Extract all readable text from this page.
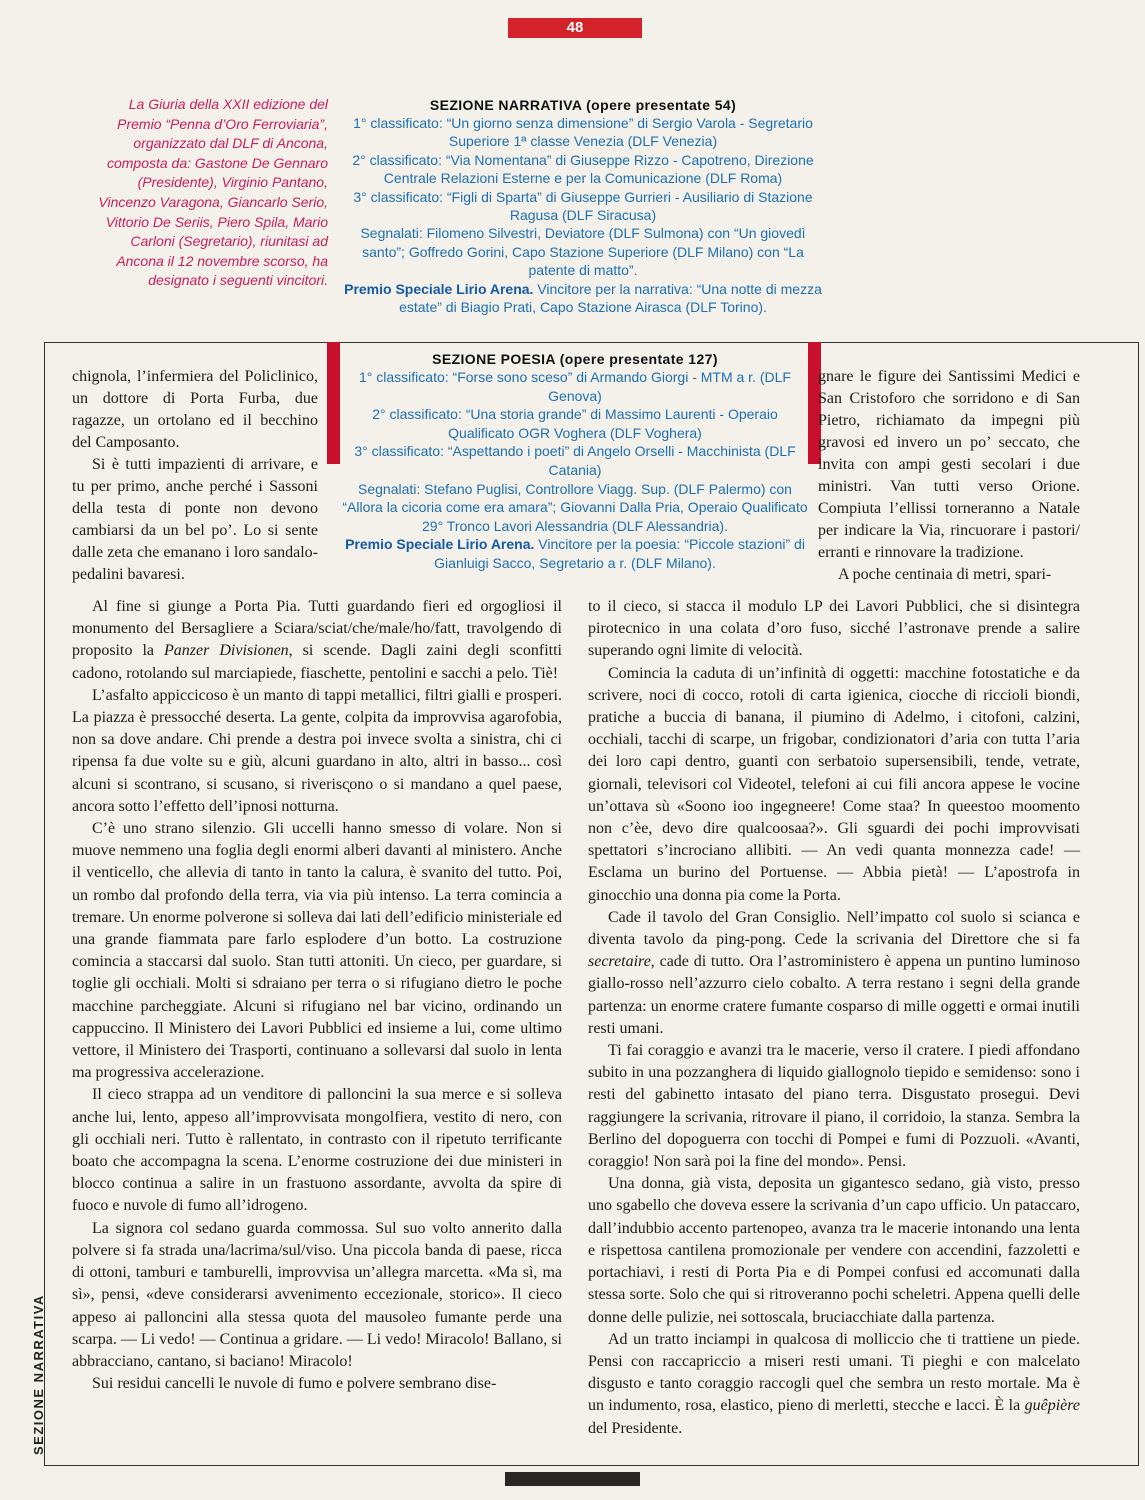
48
La Giuria della XXII edizione del Premio “Penna d’Oro Ferroviaria”, organizzato dal DLF di Ancona, composta da: Gastone De Gennaro (Presidente), Virginio Pantano, Vincenzo Varagona, Giancarlo Serio, Vittorio De Seriis, Piero Spila, Mario Carloni (Segretario), riunitasi ad Ancona il 12 novembre scorso, ha designato i seguenti vincitori.
SEZIONE NARRATIVA (opere presentate 54)
1° classificato: “Un giorno senza dimensione” di Sergio Varola - Segretario Superiore 1ª classe Venezia (DLF Venezia)
2° classificato: “Via Nomentana” di Giuseppe Rizzo - Capotreno, Direzione Centrale Relazioni Esterne e per la Comunicazione (DLF Roma)
3° classificato: “Figli di Sparta” di Giuseppe Gurrieri - Ausiliario di Stazione Ragusa (DLF Siracusa)
Segnalati: Filomeno Silvestri, Deviatore (DLF Sulmona) con “Un giovedì santo”; Goffredo Gorini, Capo Stazione Superiore (DLF Milano) con “La patente di matto”.
Premio Speciale Lirio Arena. Vincitore per la narrativa: “Una notte di mezza estate” di Biagio Prati, Capo Stazione Airasca (DLF Torino).
SEZIONE POESIA (opere presentate 127)
1° classificato: “Forse sono sceso” di Armando Giorgi - MTM a r. (DLF Genova)
2° classificato: “Una storia grande” di Massimo Laurenti - Operaio Qualificato OGR Voghera (DLF Voghera)
3° classificato: “Aspettando i poeti” di Angelo Orselli - Macchinista (DLF Catania)
Segnalati: Stefano Puglisi, Controllore Viagg. Sup. (DLF Palermo) con “Allora la cicoria come era amara”; Giovanni Dalla Pria, Operaio Qualificato 29° Tronco Lavori Alessandria (DLF Alessandria).
Premio Speciale Lirio Arena. Vincitore per la poesia: “Piccole stazioni” di Gianluigi Sacco, Segretario a r. (DLF Milano).

chignola, l’infermiera del Policlinico, un dottore di Porta Furba, due ragazze, un ortolano ed il becchino del Camposanto.

Si è tutti impazienti di arrivare, e tu per primo, anche perché i Sassoni della testa di ponte non devono cambiarsi da un bel po’. Lo si sente dalle zeta che emanano i loro sandalo-pedalini bavaresi.

gnare le figure dei Santissimi Medici e San Cristoforo che sorridono e di San Pietro, richiamato da impegni più gravosi ed invero un po’ seccato, che invita con ampi gesti secolari i due ministri. Van tutti verso Orione. Compiuta l’ellissi torneranno a Natale per indicare la Via, rincuorare i pastori/ erranti e rinnovare la tradizione.

A poche centinaia di metri, spari-

Al fine si giunge a Porta Pia. Tutti guardando fieri ed orgogliosi il monumento del Bersagliere a Sciara/sciat/che/male/ho/fatt, travolgendo di proposito la Panzer Divisionen, si scende. Dagli zaini degli sconfitti cadono, rotolando sul marciapiede, fiaschette, pentolini e sacchi a pelo. Tiè!

L’asfalto appiccicoso è un manto di tappi metallici, filtri gialli e prosperi. La piazza è pressocché deserta. La gente, colpita da improvvisa agarofobia, non sa dove andare. Chi prende a destra poi invece svolta a sinistra, chi ci ripensa fa due volte su e giù, alcuni guardano in alto, altri in basso... così alcuni si scontrano, si scusano, si riverisc̨ono o si mandano a quel paese, ancora sotto l’effetto dell’ipnosi notturna.

C’è uno strano silenzio. Gli uccelli hanno smesso di volare. Non si muove nemmeno una foglia degli enormi alberi davanti al ministero. Anche il venticello, che allevia di tanto in tanto la calura, è svanito del tutto. Poi, un rombo dal profondo della terra, via via più intenso. La terra comincia a tremare. Un enorme polverone si solleva dai lati dell’edificio ministeriale ed una grande fiammata pare farlo esplodere d’un botto. La costruzione comincia a staccarsi dal suolo. Stan tutti attoniti. Un cieco, per guardare, si toglie gli occhiali. Molti si sdraiano per terra o si rifugiano dietro le poche macchine parcheggiate. Alcuni si rifugiano nel bar vicino, ordinando un cappuccino. Il Ministero dei Lavori Pubblici ed insieme a lui, come ultimo vettore, il Ministero dei Trasporti, continuano a sollevarsi dal suolo in lenta ma progressiva accelerazione.

Il cieco strappa ad un venditore di palloncini la sua merce e si solleva anche lui, lento, appeso all’improvvisata mongolfiera, vestito di nero, con gli occhiali neri. Tutto è rallentato, in contrasto con il ripetuto terrificante boato che accompagna la scena. L’enorme costruzione dei due ministeri in blocco continua a salire in un frastuono assordante, avvolta da spire di fuoco e nuvole di fumo all’idrogeno.

La signora col sedano guarda commossa. Sul suo volto annerito dalla polvere si fa strada una/lacrima/sul/viso. Una piccola banda di paese, ricca di ottoni, tamburi e tamburelli, improvvisa un’allegra marcetta. «Ma sì, ma sì», pensi, «deve considerarsi avvenimento eccezionale, storico». Il cieco appeso ai palloncini alla stessa quota del mausoleo fumante perde una scarpa. — Li vedo! — Continua a gridare. — Li vedo! Miracolo! Ballano, si abbracciano, cantano, si baciano! Miracolo!

Sui residui cancelli le nuvole di fumo e polvere sembrano dise-

to il cieco, si stacca il modulo LP dei Lavori Pubblici, che si disintegra pirotecnico in una colata d’oro fuso, sicché l’astronave prende a salire superando ogni limite di velocità.

Comincia la caduta di un’infinità di oggetti: macchine fotostatiche e da scrivere, noci di cocco, rotoli di carta igienica, ciocche di riccioli biondi, pratiche a buccia di banana, il piumino di Adelmo, i citofoni, calzini, occhiali, tacchi di scarpe, un frigobar, condizionatori d’aria con tutta l’aria dei loro capi dentro, guanti con serbatoio supersensibili, tende, vetrate, giornali, televisori col Videotel, telefoni ai cui fili ancora appese le vocine un’ottava sù «Soono ioo ingegneere! Come staa? In queestoo moomento non c’èe, devo dire qualcoosaa?». Gli sguardi dei pochi improvvisati spettatori s’incrociano allibiti. — An vedi quanta monnezza cade! — Esclama un burino del Portuense. — Abbia pietà! — L’apostrofa in ginocchio una donna pia come la Porta.

Cade il tavolo del Gran Consiglio. Nell’impatto col suolo si scianca e diventa tavolo da ping-pong. Cede la scrivania del Direttore che si fa secretaire, cade di tutto. Ora l’astroministero è appena un puntino luminoso giallo-rosso nell’azzurro cielo cobalto. A terra restano i segni della grande partenza: un enorme cratere fumante cosparso di mille oggetti e ormai inutili resti umani.

Ti fai coraggio e avanzi tra le macerie, verso il cratere. I piedi affondano subito in una pozzanghera di liquido giallognolo tiepido e semidenso: sono i resti del gabinetto intasato del piano terra. Disgustato prosegui. Devi raggiungere la scrivania, ritrovare il piano, il corridoio, la stanza. Sembra la Berlino del dopoguerra con tocchi di Pompei e fumi di Pozzuoli. «Avanti, coraggio! Non sarà poi la fine del mondo». Pensi.

Una donna, già vista, deposita un gigantesco sedano, già visto, presso uno sgabello che doveva essere la scrivania d’un capo ufficio. Un pataccaro, dall’indubbio accento partenopeo, avanza tra le macerie intonando una lenta e rispettosa cantilena promozionale per vendere con accendini, fazzoletti e portachiavi, i resti di Porta Pia e di Pompei confusi ed accomunati dalla stessa sorte. Solo che qui si ritroveranno pochi scheletri. Appena quelli delle donne delle pulizie, nei sottoscala, bruciacchiate dalla partenza.

Ad un tratto inciampi in qualcosa di molliccio che ti trattiene un piede. Pensi con raccapriccio a miseri resti umani. Ti pieghi e con malcelato disgusto e tanto coraggio raccogli quel che sembra un resto mortale. Ma è un indumento, rosa, elastico, pieno di merletti, stecche e lacci. È la guêpière del Presidente.

SEZIONE NARRATIVA
